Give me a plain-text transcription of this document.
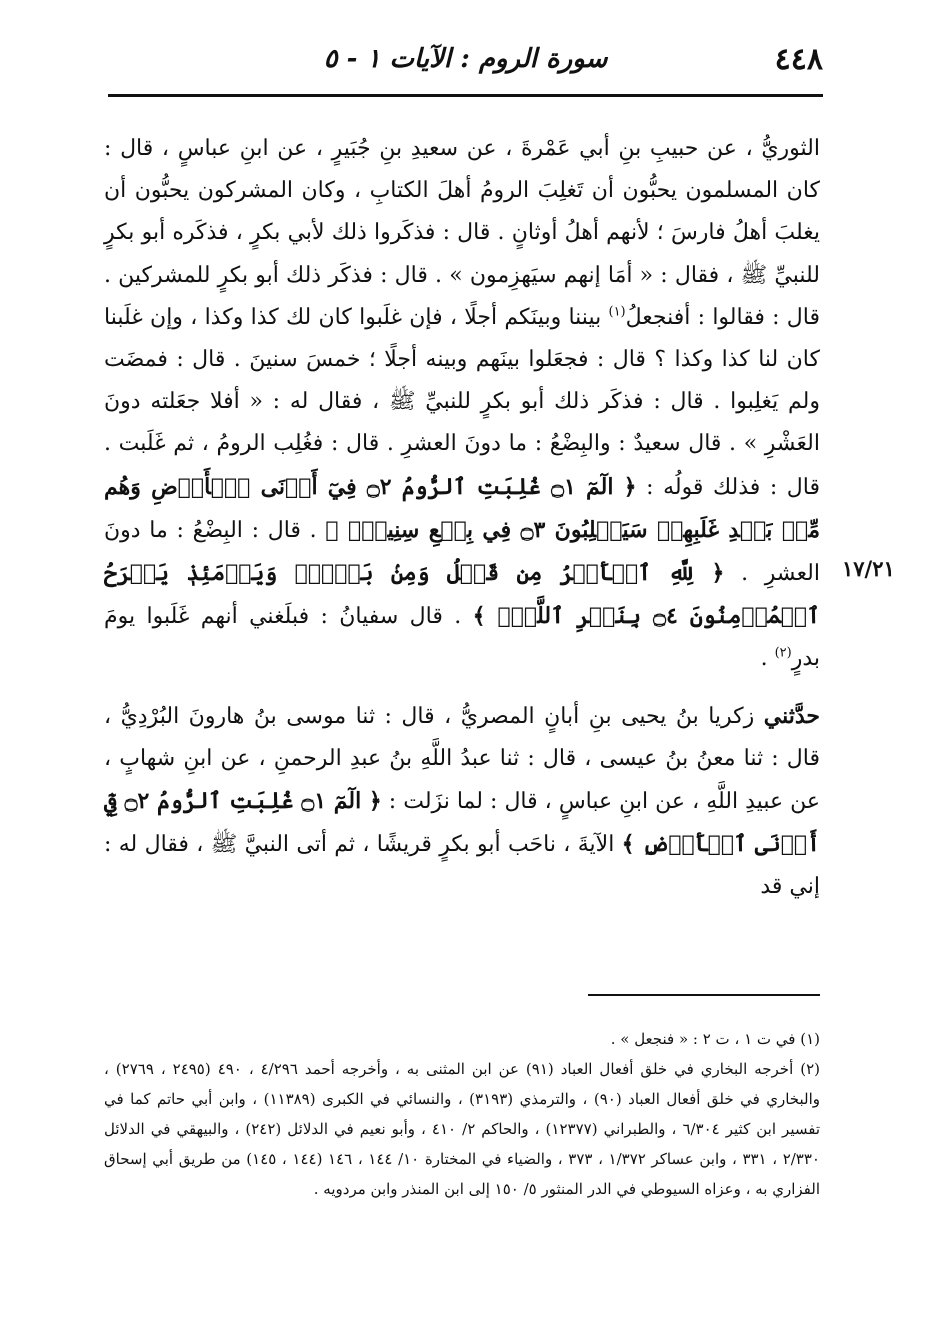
٤٤٨
سورة الروم : الآيات ١ - ٥
١٧/٢١

الثوريُّ ، عن حبيبِ بنِ أبي عَمْرةَ ، عن سعيدِ بنِ جُبَيرٍ ، عن ابنِ عباسٍ ، قال : كان المسلمون يحبُّون أن تَغلِبَ الرومُ أهلَ الكتابِ ، وكان المشركون يحبُّون أن يغلبَ أهلُ فارسَ ؛ لأنهم أهلُ أوثانٍ . قال : فذكَروا ذلك لأبي بكرٍ ، فذكَره أبو بكرٍ للنبيِّ ﷺ ، فقال : « أمَا إنهم سيَهزِمون » . قال : فذكَر ذلك أبو بكرٍ للمشركين . قال : فقالوا : أفنجعلُ$^{(١)}$ بيننا وبينَكم أجلًا ، فإن غلَبوا كان لك كذا وكذا ، وإن غلَبنا كان لنا كذا وكذا ؟ قال : فجعَلوا بينَهم وبينه أجلًا ؛ خمسَ سنينَ . قال : فمضَت ولم يَغلِبوا . قال : فذكَر ذلك أبو بكرٍ للنبيِّ ﷺ ، فقال له : « أفلا جعَلته دونَ العَشْرِ » . قال سعيدٌ : والبِضْعُ : ما دونَ العشرِ . قال : فغُلِب الرومُ ، ثم غَلَبت . قال : فذلك قولُه : ﴿ الٓمٓ ۝١ غُلِبَتِ ٱلرُّومُ ۝٢ فِيٓ أَدۡنَى ٱلۡأَرۡضِ وَهُم مِّنۢ بَعۡدِ غَلَبِهِمۡ سَيَغۡلِبُونَ ۝٣ فِي بِضۡعِ سِنِينَۗ ﴾ . قال : البِضْعُ : ما دونَ العشرِ . ﴿ لِلَّهِ ٱلۡأَمۡرُ مِن قَبۡلُ وَمِنۢ بَعۡدُۚ وَيَوۡمَئِذٖ يَفۡرَحُ ٱلۡمُؤۡمِنُونَ ۝٤ بِنَصۡرِ ٱللَّهِۚ ﴾ . قال سفيانُ : فبلَغني أنهم غَلَبوا يومَ بدرٍ$^{(٢)}$ .

حدَّثني زكريا بنُ يحيى بنِ أبانٍ المصريُّ ، قال : ثنا موسى بنُ هارونَ البُرْدِيُّ ، قال : ثنا معنُ بنُ عيسى ، قال : ثنا عبدُ اللَّهِ بنُ عبدِ الرحمنِ ، عن ابنِ شهابٍ ، عن عبيدِ اللَّهِ ، عن ابنِ عباسٍ ، قال : لما نزَلت : ﴿ الٓمٓ ۝١ غُلِبَتِ ٱلرُّومُ ۝٢ فِيٓ أَدۡنَى ٱلۡأَرۡضِ ﴾ الآيةَ ، ناحَب أبو بكرٍ قريشًا ، ثم أتى النبيَّ ﷺ ، فقال له : إني قد

(١) في ت ١ ، ت ٢ : « فنجعل » .

(٢) أخرجه البخاري في خلق أفعال العباد (٩١) عن ابن المثنى به ، وأخرجه أحمد ٤/٢٩٦ ، ٤٩٠ (٢٤٩٥ ، ٢٧٦٩) ، والبخاري في خلق أفعال العباد (٩٠) ، والترمذي (٣١٩٣) ، والنسائي في الكبرى (١١٣٨٩) ، وابن أبي حاتم كما في تفسير ابن كثير ٦/٣٠٤ ، والطبراني (١٢٣٧٧) ، والحاكم ٢/ ٤١٠ ، وأبو نعيم في الدلائل (٢٤٢) ، والبيهقي في الدلائل ٢/٣٣٠ ، ٣٣١ ، وابن عساكر ١/٣٧٢ ، ٣٧٣ ، والضياء في المختارة ١٠/ ١٤٤ ، ١٤٦ (١٤٤ ، ١٤٥) من طريق أبي إسحاق الفزاري به ، وعزاه السيوطي في الدر المنثور ٥/ ١٥٠ إلى ابن المنذر وابن مردويه .
